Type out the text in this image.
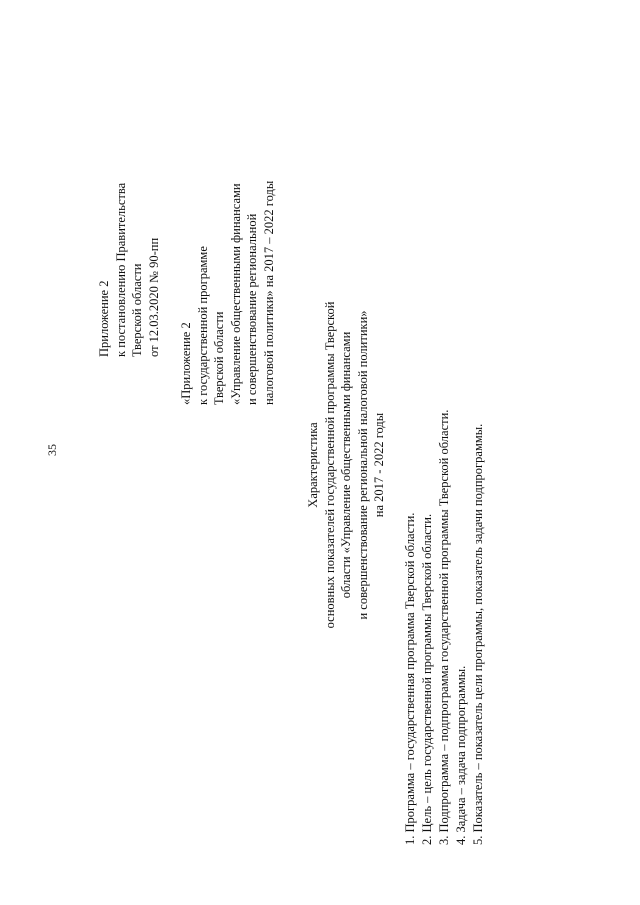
35
Приложение 2 к постановлению Правительства Тверской области от 12.03.2020 № 90-пп
«Приложение 2 к государственной программе Тверской области «Управление общественными финансами и совершенствование региональной налоговой политики» на 2017 – 2022 годы
Характеристика основных показателей государственной программы Тверской области «Управление общественными финансами и совершенствование региональной налоговой политики» на 2017 - 2022 годы
1. Программа – государственная программа Тверской области. 2. Цель – цель государственной программы Тверской области. 3. Подпрограмма – подпрограмма государственной программы Тверской области. 4. Задача – задача подпрограммы. 5. Показатель – показатель цели программы, показатель задачи подпрограммы.
